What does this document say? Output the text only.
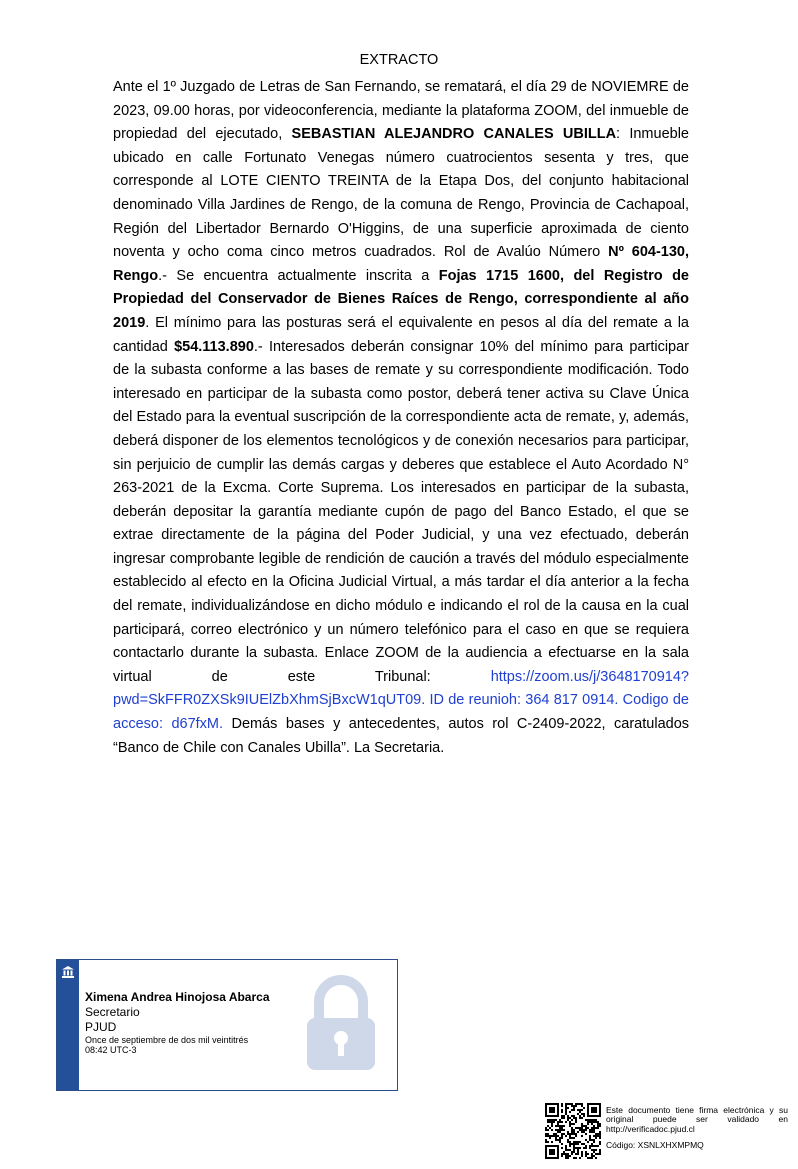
EXTRACTO
Ante el 1º Juzgado de Letras de San Fernando, se rematará, el día 29 de NOVIEMRE de 2023, 09.00 horas, por videoconferencia, mediante la plataforma ZOOM, del inmueble de propiedad del ejecutado, SEBASTIAN ALEJANDRO CANALES UBILLA: Inmueble ubicado en calle Fortunato Venegas número cuatrocientos sesenta y tres, que corresponde al LOTE CIENTO TREINTA de la Etapa Dos, del conjunto habitacional denominado Villa Jardines de Rengo, de la comuna de Rengo, Provincia de Cachapoal, Región del Libertador Bernardo O'Higgins, de una superficie aproximada de ciento noventa y ocho coma cinco metros cuadrados. Rol de Avalúo Número Nº 604-130, Rengo.- Se encuentra actualmente inscrita a Fojas 1715 1600, del Registro de Propiedad del Conservador de Bienes Raíces de Rengo, correspondiente al año 2019. El mínimo para las posturas será el equivalente en pesos al día del remate a la cantidad $54.113.890.- Interesados deberán consignar 10% del mínimo para participar de la subasta conforme a las bases de remate y su correspondiente modificación. Todo interesado en participar de la subasta como postor, deberá tener activa su Clave Única del Estado para la eventual suscripción de la correspondiente acta de remate, y, además, deberá disponer de los elementos tecnológicos y de conexión necesarios para participar, sin perjuicio de cumplir las demás cargas y deberes que establece el Auto Acordado N° 263-2021 de la Excma. Corte Suprema. Los interesados en participar de la subasta, deberán depositar la garantía mediante cupón de pago del Banco Estado, el que se extrae directamente de la página del Poder Judicial, y una vez efectuado, deberán ingresar comprobante legible de rendición de caución a través del módulo especialmente establecido al efecto en la Oficina Judicial Virtual, a más tardar el día anterior a la fecha del remate, individualizándose en dicho módulo e indicando el rol de la causa en la cual participará, correo electrónico y un número telefónico para el caso en que se requiera contactarlo durante la subasta. Enlace ZOOM de la audiencia a efectuarse en la sala virtual de este Tribunal: https://zoom.us/j/3648170914?pwd=SkFFR0ZXSk9IUElZbXhmSjBxcW1qUT09. ID de reunioh: 364 817 0914. Codigo de acceso: d67fxM. Demás bases y antecedentes, autos rol C-2409-2022, caratulados “Banco de Chile con Canales Ubilla”. La Secretaria.
Ximena Andrea Hinojosa Abarca
Secretario
PJUD
Once de septiembre de dos mil veintitrés
08:42 UTC-3
Este documento tiene firma electrónica y su original puede ser validado en http://verificadoc.pjud.cl
Código: XSNLXHXMPMQ
